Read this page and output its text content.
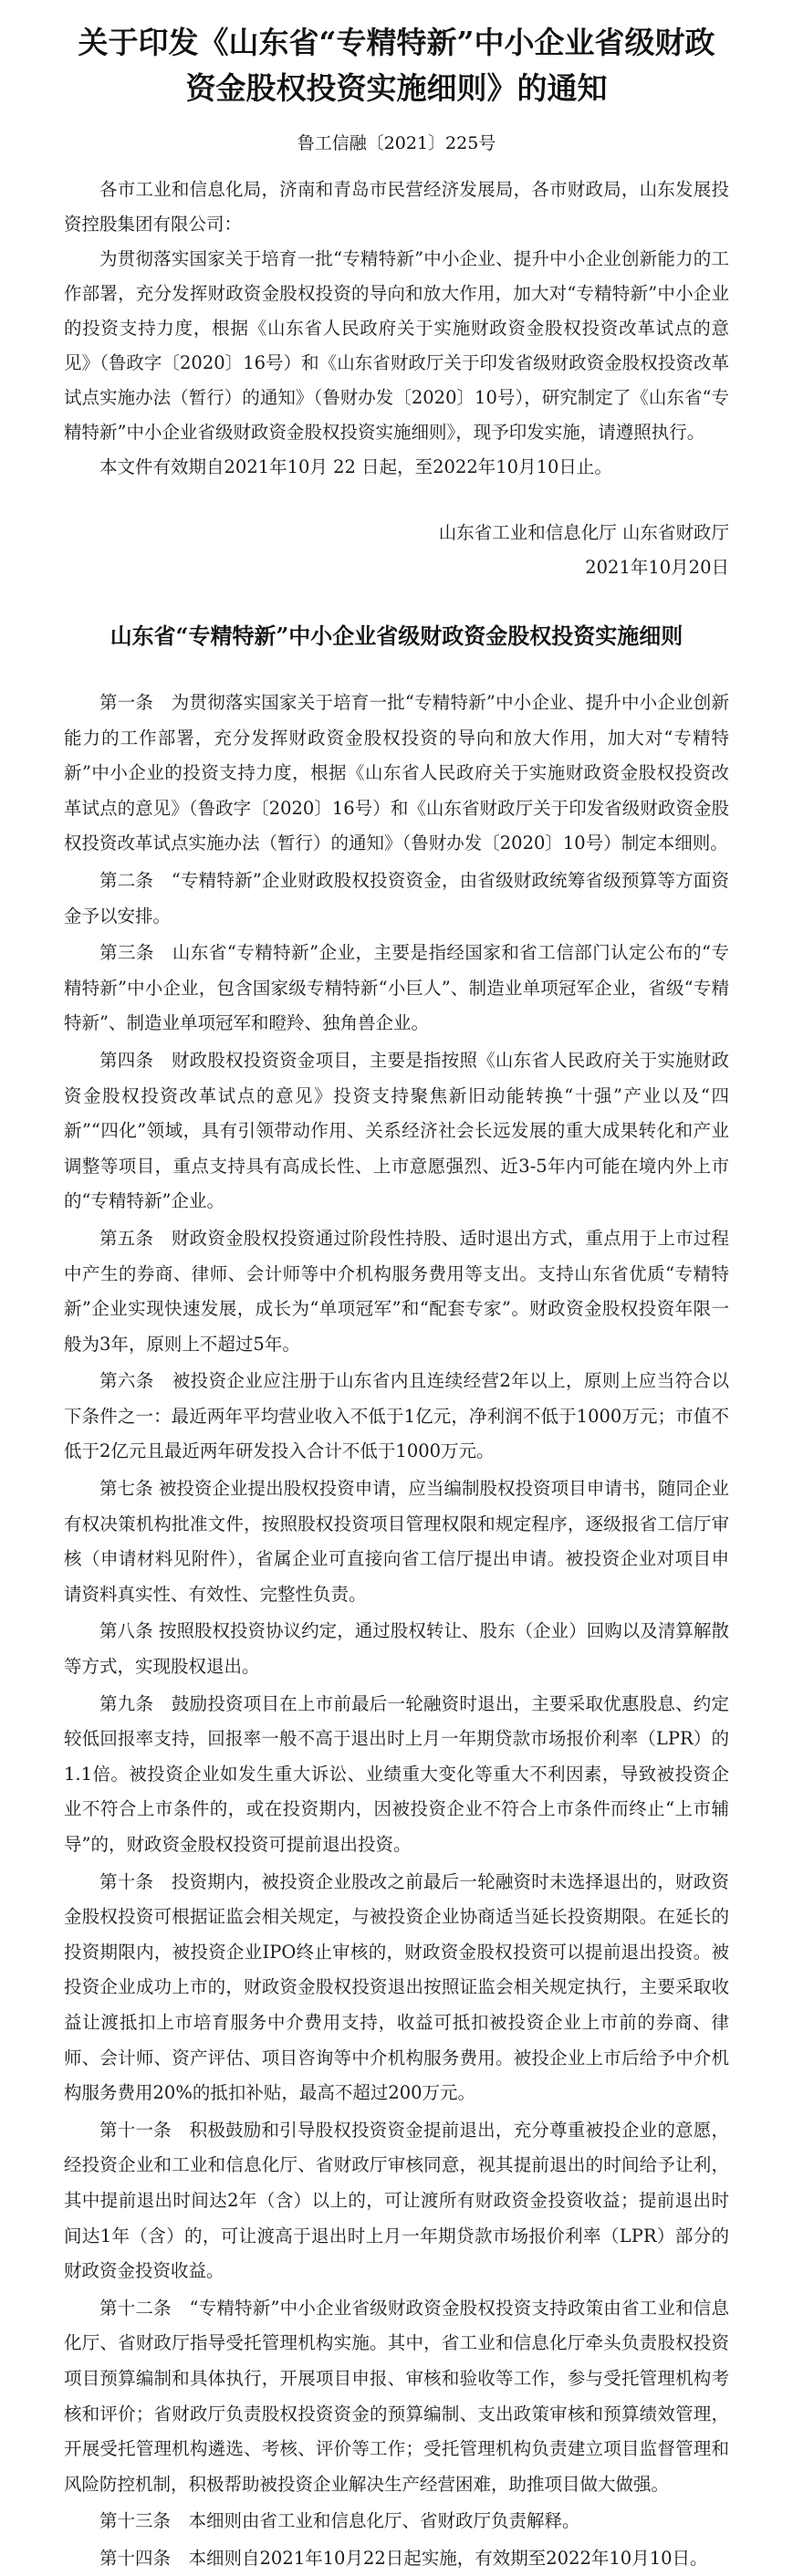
关于印发《山东省“专精特新”中小企业省级财政资金股权投资实施细则》的通知
鲁工信融〔2021〕225号
各市工业和信息化局，济南和青岛市民营经济发展局，各市财政局，山东发展投资控股集团有限公司：
为贯彻落实国家关于培育一批“专精特新”中小企业、提升中小企业创新能力的工作部署，充分发挥财政资金股权投资的导向和放大作用，加大对“专精特新”中小企业的投资支持力度，根据《山东省人民政府关于实施财政资金股权投资改革试点的意见》（鲁政字〔2020〕16号）和《山东省财政厅关于印发省级财政资金股权投资改革试点实施办法（暂行）的通知》（鲁财办发〔2020〕10号），研究制定了《山东省“专精特新”中小企业省级财政资金股权投资实施细则》，现予印发实施，请遵照执行。
本文件有效期自2021年10月 22 日起，至2022年10月10日止。
山东省工业和信息化厅 山东省财政厅
2021年10月20日
山东省“专精特新”中小企业省级财政资金股权投资实施细则
第一条　为贯彻落实国家关于培育一批“专精特新”中小企业、提升中小企业创新能力的工作部署，充分发挥财政资金股权投资的导向和放大作用，加大对“专精特新”中小企业的投资支持力度，根据《山东省人民政府关于实施财政资金股权投资改革试点的意见》（鲁政字〔2020〕16号）和《山东省财政厅关于印发省级财政资金股权投资改革试点实施办法（暂行）的通知》（鲁财办发〔2020〕10号）制定本细则。
第二条　“专精特新”企业财政股权投资资金，由省级财政统筹省级预算等方面资金予以安排。
第三条　山东省“专精特新”企业，主要是指经国家和省工信部门认定公布的“专精特新”中小企业，包含国家级专精特新“小巨人”、制造业单项冠军企业，省级“专精特新”、制造业单项冠军和瞪羚、独角兽企业。
第四条　财政股权投资资金项目，主要是指按照《山东省人民政府关于实施财政资金股权投资改革试点的意见》投资支持聚焦新旧动能转换“十强”产业以及“四新”“四化”领域，具有引领带动作用、关系经济社会长远发展的重大成果转化和产业调整等项目，重点支持具有高成长性、上市意愿强烈、近3-5年内可能在境内外上市的“专精特新”企业。
第五条　财政资金股权投资通过阶段性持股、适时退出方式，重点用于上市过程中产生的券商、律师、会计师等中介机构服务费用等支出。支持山东省优质“专精特新”企业实现快速发展，成长为“单项冠军”和“配套专家”。财政资金股权投资年限一般为3年，原则上不超过5年。
第六条　被投资企业应注册于山东省内且连续经营2年以上，原则上应当符合以下条件之一：最近两年平均营业收入不低于1亿元，净利润不低于1000万元；市值不低于2亿元且最近两年研发投入合计不低于1000万元。
第七条 被投资企业提出股权投资申请，应当编制股权投资项目申请书，随同企业有权决策机构批准文件，按照股权投资项目管理权限和规定程序，逐级报省工信厅审核（申请材料见附件），省属企业可直接向省工信厅提出申请。被投资企业对项目申请资料真实性、有效性、完整性负责。
第八条 按照股权投资协议约定，通过股权转让、股东（企业）回购以及清算解散等方式，实现股权退出。
第九条　鼓励投资项目在上市前最后一轮融资时退出，主要采取优惠股息、约定较低回报率支持，回报率一般不高于退出时上月一年期贷款市场报价利率（LPR）的1.1倍。被投资企业如发生重大诉讼、业绩重大变化等重大不利因素，导致被投资企业不符合上市条件的，或在投资期内，因被投资企业不符合上市条件而终止“上市辅导”的，财政资金股权投资可提前退出投资。
第十条　投资期内，被投资企业股改之前最后一轮融资时未选择退出的，财政资金股权投资可根据证监会相关规定，与被投资企业协商适当延长投资期限。在延长的投资期限内，被投资企业IPO终止审核的，财政资金股权投资可以提前退出投资。被投资企业成功上市的，财政资金股权投资退出按照证监会相关规定执行，主要采取收益让渡抵扣上市培育服务中介费用支持，收益可抵扣被投资企业上市前的券商、律师、会计师、资产评估、项目咨询等中介机构服务费用。被投企业上市后给予中介机构服务费用20%的抵扣补贴，最高不超过200万元。
第十一条　积极鼓励和引导股权投资资金提前退出，充分尊重被投企业的意愿，经投资企业和工业和信息化厅、省财政厅审核同意，视其提前退出的时间给予让利，其中提前退出时间达2年（含）以上的，可让渡所有财政资金投资收益；提前退出时间达1年（含）的，可让渡高于退出时上月一年期贷款市场报价利率（LPR）部分的财政资金投资收益。
第十二条　“专精特新”中小企业省级财政资金股权投资支持政策由省工业和信息化厅、省财政厅指导受托管理机构实施。其中，省工业和信息化厅牵头负责股权投资项目预算编制和具体执行，开展项目申报、审核和验收等工作，参与受托管理机构考核和评价；省财政厅负责股权投资资金的预算编制、支出政策审核和预算绩效管理，开展受托管理机构遴选、考核、评价等工作；受托管理机构负责建立项目监督管理和风险防控机制，积极帮助被投资企业解决生产经营困难，助推项目做大做强。
第十三条　本细则由省工业和信息化厅、省财政厅负责解释。
第十四条　本细则自2021年10月22日起实施，有效期至2022年10月10日。
